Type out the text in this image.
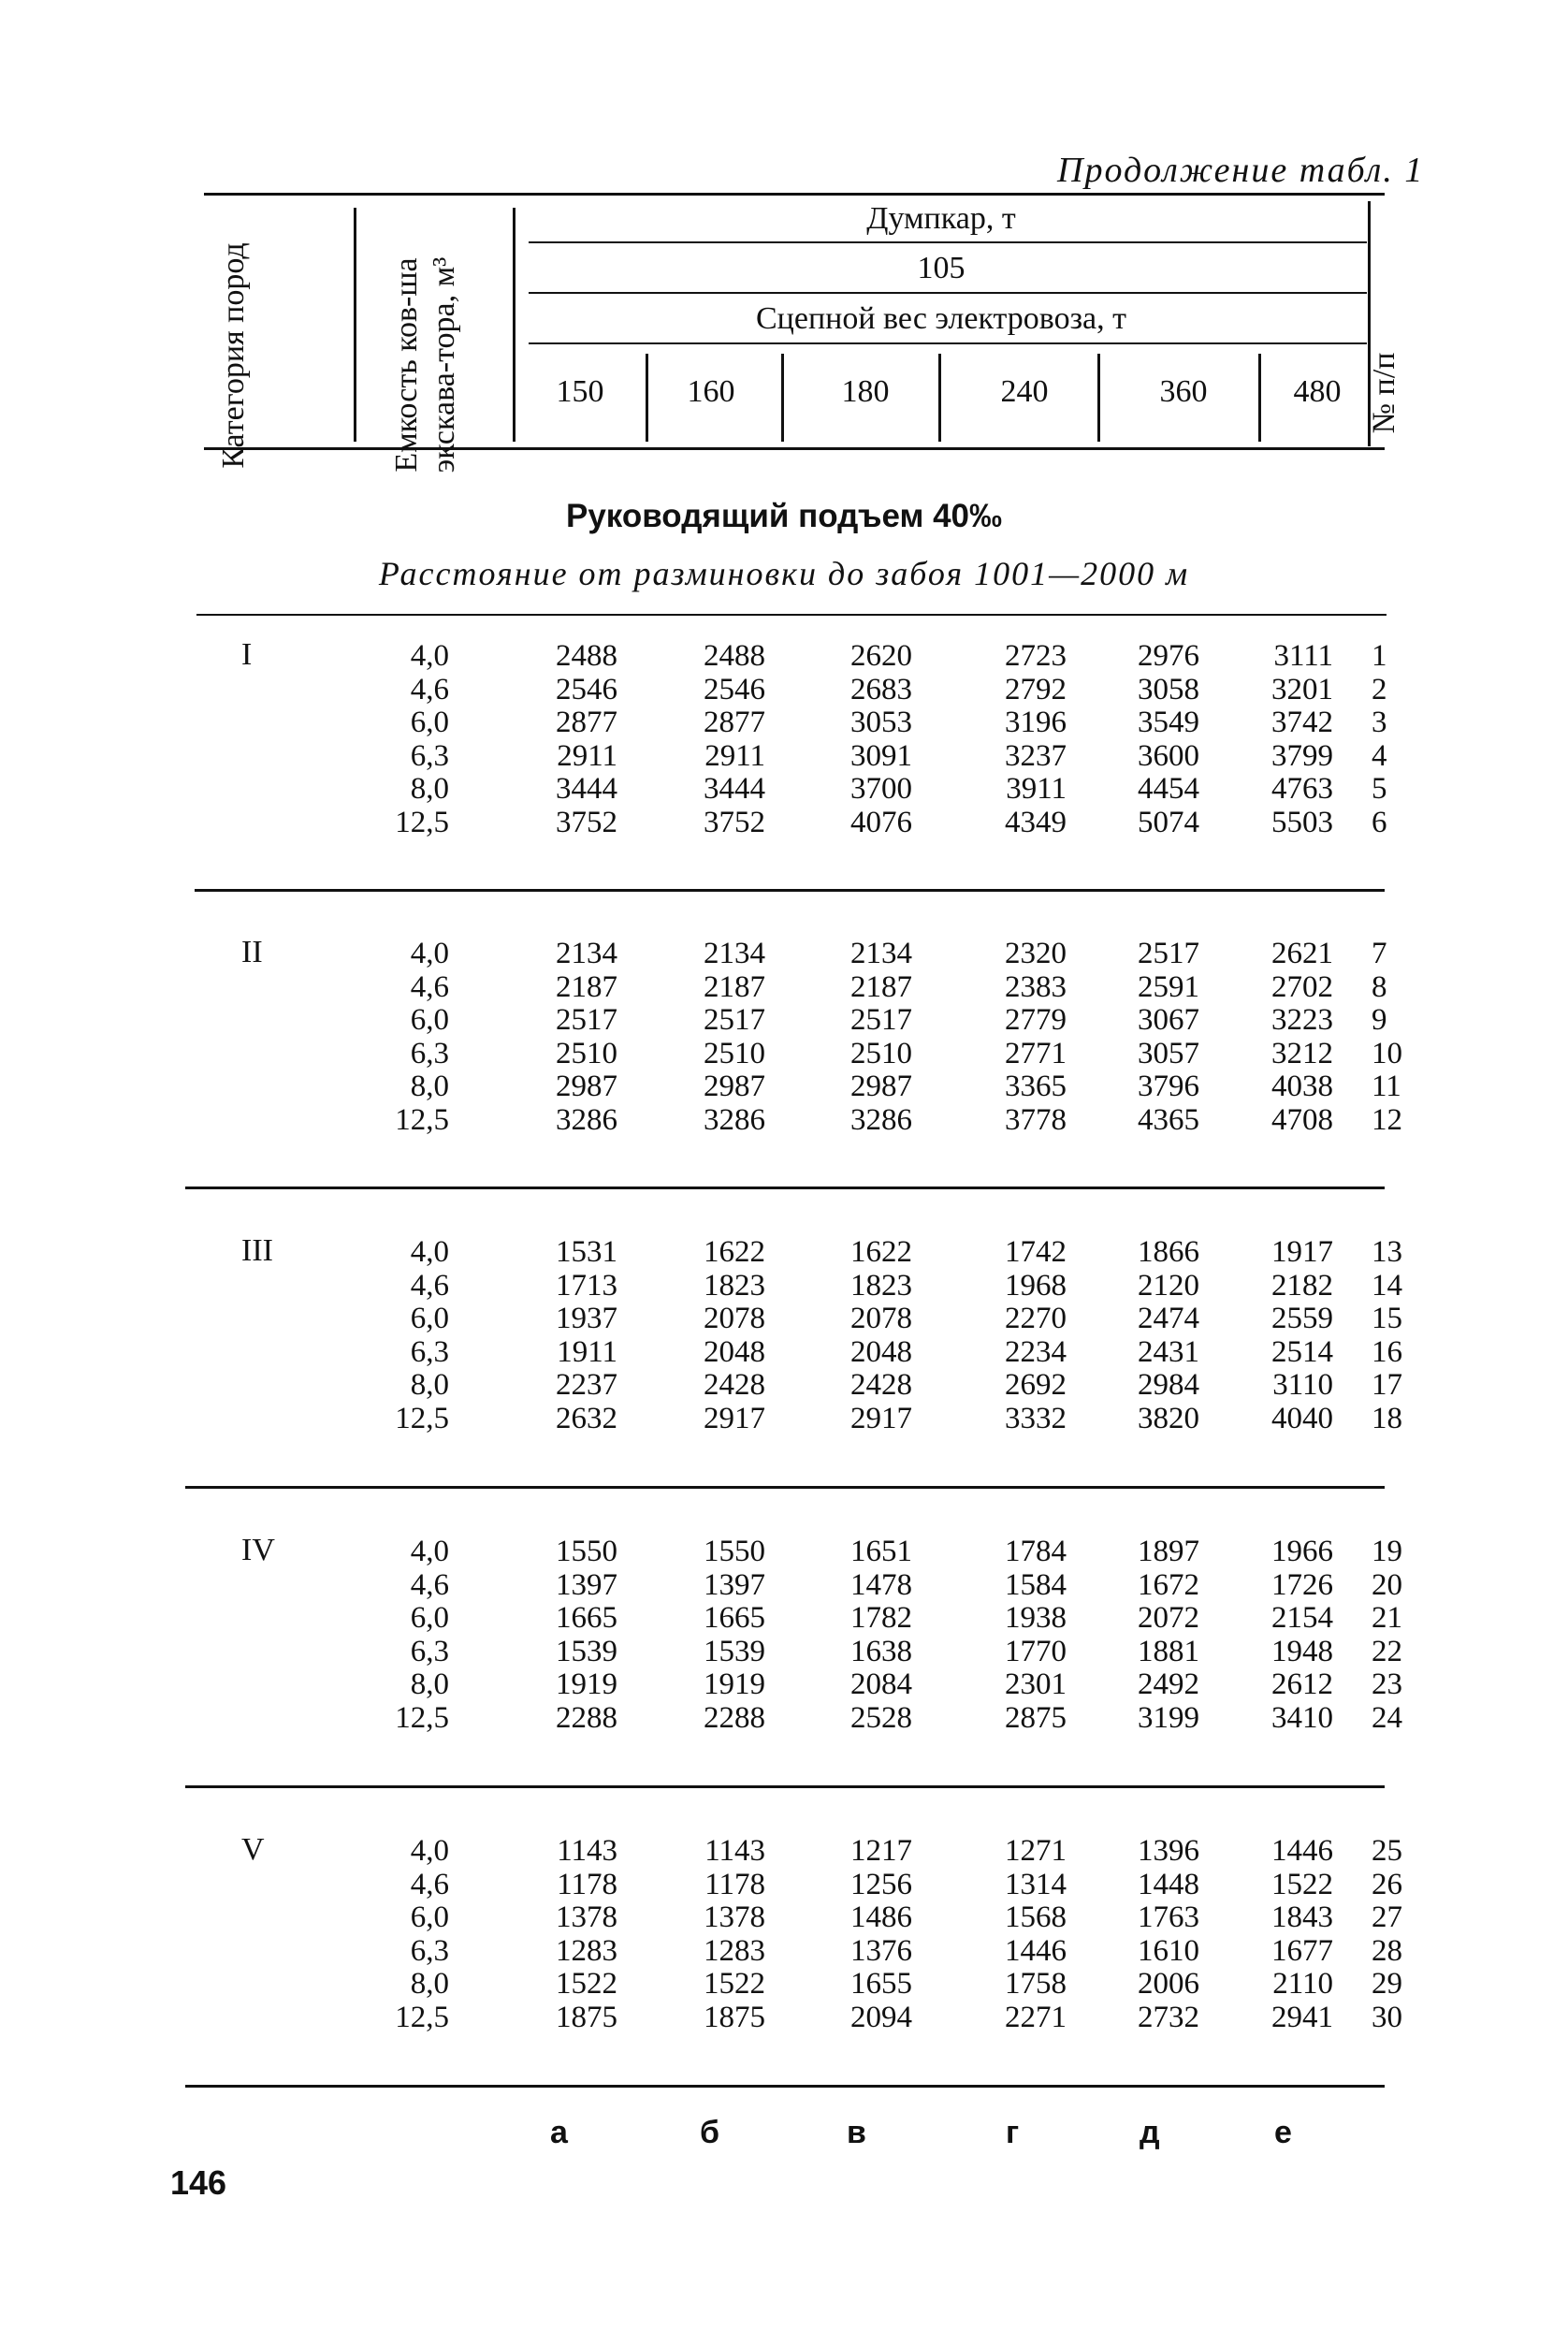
Продолжение табл. 1
Категория пород	Емкость ков-ша экскава-тора, м³
Думпкар, т
105
Сцепной вес электровоза, т
150	160	180	240	360	480 № п/п
Руководящий подъем 40‰
Расстояние от разминовки до забоя 1001—2000 м
I	4,0	2488	2488	2620	2723 2976 3111 1
4,6	2546	2546	2683	2792 3058 3201 2
6,0	2877	2877	3053	3196 3549 3742 3
6,3	2911	2911	3091	3237 3600 3799 4
8,0	3444	3444	3700	3911 4454 4763 5
12,5	3752	3752	4076	4349 5074 5503 6
II	4,0	2134	2134	2134	2320 2517 2621 7
4,6	2187	2187	2187	2383 2591 2702 8
6,0	2517	2517	2517	2779 3067 3223 9
6,3	2510	2510	2510	2771 3057 3212 10
8,0	2987	2987	2987	3365 3796 4038 11
12,5	3286	3286	3286	3778 4365 4708 12
III	4,0	1531	1622	1622	1742 1866 1917 13
4,6	1713	1823	1823	1968 2120 2182 14
6,0	1937	2078	2078	2270 2474 2559 15
6,3	1911	2048	2048	2234 2431 2514 16
8,0	2237	2428	2428	2692 2984 3110 17
12,5	2632	2917	2917	3332 3820 4040 18
IV	4,0	1550	1550	1651	1784 1897 1966 19
4,6	1397	1397	1478	1584 1672 1726 20
6,0	1665	1665	1782	1938 2072 2154 21
6,3	1539	1539	1638	1770 1881 1948 22
8,0	1919	1919	2084	2301 2492 2612 23
12,5	2288	2288	2528	2875 3199 3410 24
V	4,0	1143	1143	1217	1271 1396 1446 25
4,6	1178	1178	1256	1314 1448 1522 26
6,0	1378	1378	1486	1568 1763 1843 27
6,3	1283	1283	1376	1446 1610 1677 28
8,0	1522	1522	1655	1758 2006 2110 29
12,5	1875	1875	2094	2271 2732 2941 30
а	б	в	г	д	е
146
